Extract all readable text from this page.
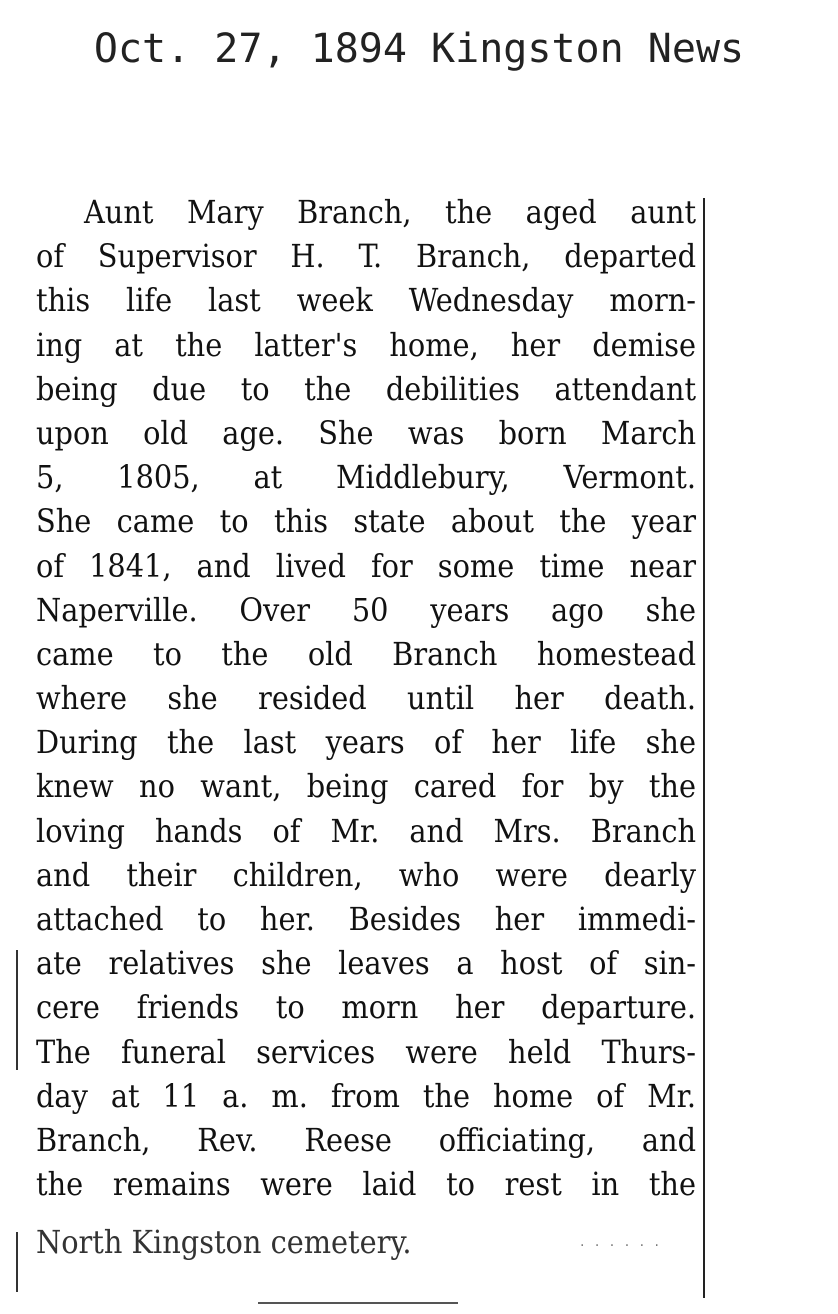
Oct. 27, 1894 Kingston News
· · · · · ·
Aunt Mary Branch, the aged aunt
of Supervisor H. T. Branch, departed
this life last week Wednesday morn-
ing at the latter's home, her demise
being due to the debilities attendant
upon old age. She was born March
5, 1805, at Middlebury, Vermont.
She came to this state about the year
of 1841, and lived for some time near
Naperville. Over 50 years ago she
came to the old Branch homestead
where she resided until her death.
During the last years of her life she
knew no want, being cared for by the
loving hands of Mr. and Mrs. Branch
and their children, who were dearly
attached to her. Besides her immedi-
ate relatives she leaves a host of sin-
cere friends to morn her departure.
The funeral services were held Thurs-
day at 11 a. m. from the home of Mr.
Branch, Rev. Reese officiating, and
the remains were laid to rest in the
North Kingston cemetery.
